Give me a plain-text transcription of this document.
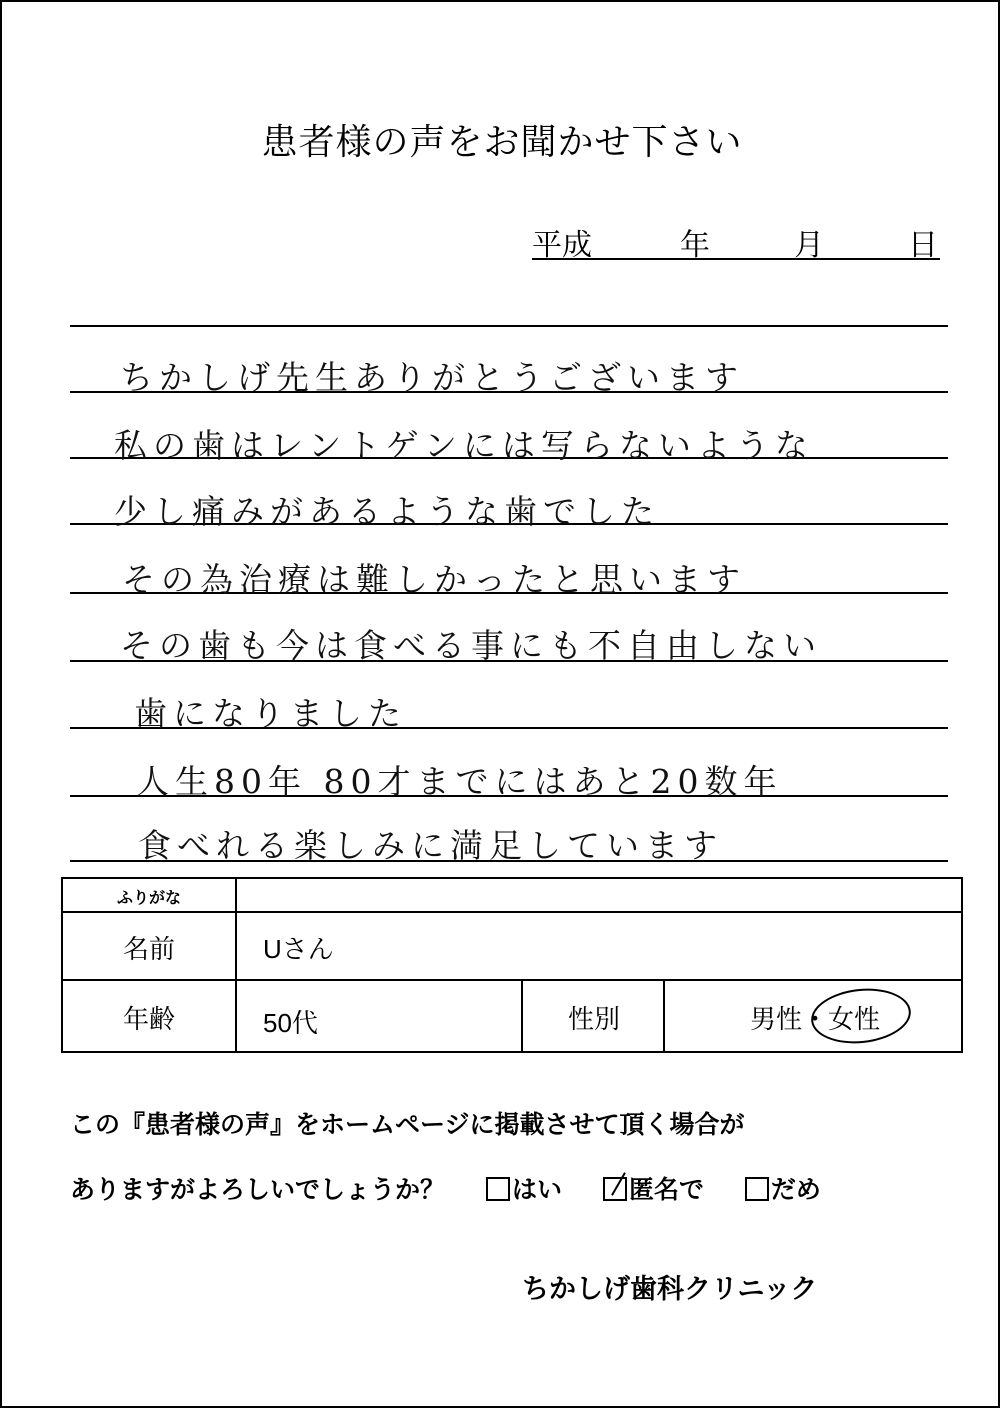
患者様の声をお聞かせ下さい
平成	年	月	日
ちかしげ先生ありがとうございます
私の歯はレントゲンには写らないような
少し痛みがあるような歯でした
その為治療は難しかったと思います
その歯も今は食べる事にも不自由しない
歯になりました
人生80年 80才までにはあと20数年
食べれる楽しみに満足しています
ふりがな
名前	Uさん
年齢	50代	性別	男性・女性
この『患者様の声』をホームページに掲載させて頂く場合が
ありますがよろしいでしょうか？	はい	匿名で	だめ
ちかしげ歯科クリニック
